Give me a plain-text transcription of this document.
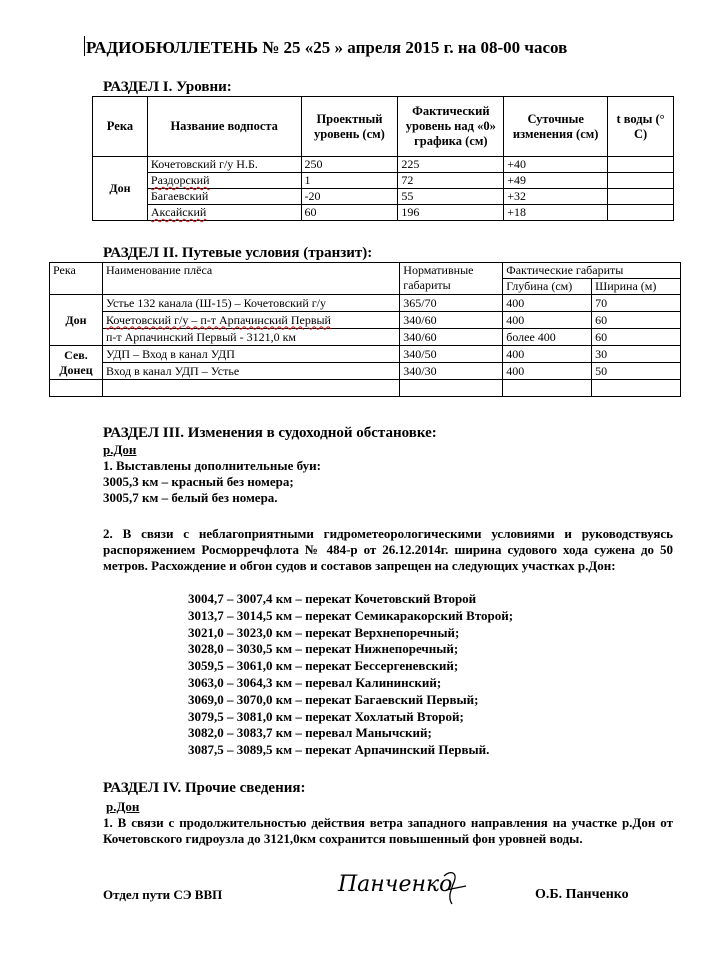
РАДИОБЮЛЛЕТЕНЬ № 25 «25 » апреля 2015 г. на 08-00 часов
РАЗДЕЛ I. Уровни:
Река	Название водпоста	Проектный уровень (см)	Фактический уровень над «0» графика (см)	Суточные изменения (см)	t воды (° С)
Дон	Кочетовский г/у Н.Б.	250	225	+40	
	Раздорский	1	72	+49	
	Багаевский	-20	55	+32	
	Аксайский	60	196	+18	
РАЗДЕЛ II. Путевые условия (транзит):
Река	Наименование плёса	Нормативные габариты	Фактические габариты	
			Глубина (см)	Ширина (м)
Дон	Устье 132 канала (Ш-15) – Кочетовский г/у	365/70	400	70
	Кочетовский г/у – п-т Арпачинский Первый	340/60	400	60
	п-т Арпачинский Первый - 3121,0 км	340/60	более 400	60
Сев. Донец	УДП – Вход в канал УДП	340/50	400	30
	Вход в канал УДП – Устье	340/30	400	50

РАЗДЕЛ III. Изменения в судоходной обстановке:
р.Дон
1. Выставлены дополнительные буи:
3005,3 км – красный без номера;
3005,7 км – белый без номера.
2. В связи с неблагоприятными гидрометеорологическими условиями и руководствуясь распоряжением Росморречфлота № 484-р от 26.12.2014г. ширина судового хода сужена до 50 метров. Расхождение и обгон судов и составов запрещен на следующих участках р.Дон:
3004,7 – 3007,4 км – перекат Кочетовский Второй
3013,7 – 3014,5 км – перекат Семикаракорский Второй;
3021,0 – 3023,0 км – перекат Верхнепоречный;
3028,0 – 3030,5 км – перекат Нижнепоречный;
3059,5 – 3061,0 км – перекат Бессергеневский;
3063,0 – 3064,3 км – перевал Калининский;
3069,0 – 3070,0 км – перекат Багаевский Первый;
3079,5 – 3081,0 км – перекат Хохлатый Второй;
3082,0 – 3083,7 км – перевал Манычский;
3087,5 – 3089,5 км – перекат Арпачинский Первый.
РАЗДЕЛ IV. Прочие сведения:
р.Дон
1. В связи с продолжительностью действия ветра западного направления на участке р.Дон от Кочетовского гидроузла до 3121,0км сохранится повышенный фон уровней воды.
Отдел пути СЭ ВВП	Панченко	О.Б. Панченко
